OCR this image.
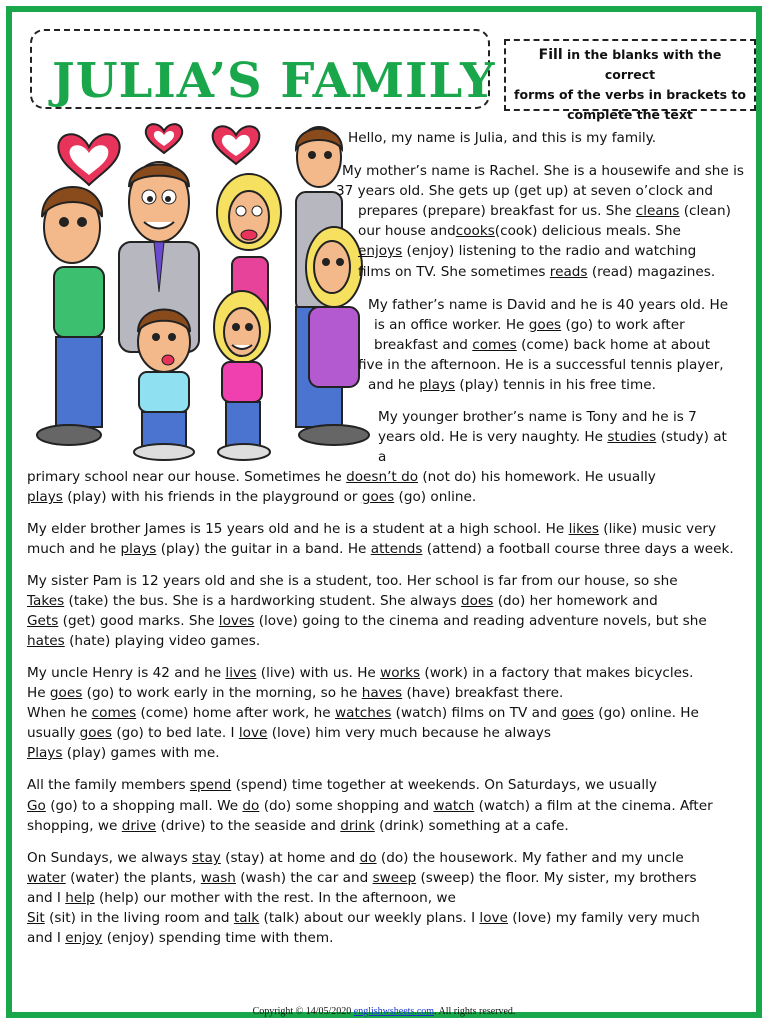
JULIA’S FAMILY	Fill in the blanks with the correct
forms of the verbs in brackets to
complete the text
Hello, my name is Julia, and this is my family.
My mother’s name is Rachel. She is a housewife and she is
37 years old. She gets up (get up) at seven o’clock and
prepares (prepare) breakfast for us. She cleans (clean)
our house andcooks(cook) delicious meals. She
enjoys (enjoy) listening to the radio and watching
films on TV. She sometimes reads (read) magazines.
My father’s name is David and he is 40 years old. He
is an office worker. He goes (go) to work after
breakfast and comes (come) back home at about
five in the afternoon. He is a successful tennis player,
and he plays (play) tennis in his free time.
My younger brother’s name is Tony and he is 7
years old. He is very naughty. He studies (study) at
a
primary school near our house. Sometimes he doesn’t do (not do) his homework. He usually
plays (play) with his friends in the playground or goes (go) online.
My elder brother James is 15 years old and he is a student at a high school. He likes (like) music very
much and he plays (play) the guitar in a band. He attends (attend) a football course three days a week.
My sister Pam is 12 years old and she is a student, too. Her school is far from our house, so she
Takes (take) the bus. She is a hardworking student. She always does (do) her homework and
Gets (get) good marks. She loves (love) going to the cinema and reading adventure novels, but she
hates (hate) playing video games.
My uncle Henry is 42 and he lives (live) with us. He works (work) in a factory that makes bicycles.
He goes (go) to work early in the morning, so he haves (have) breakfast there.
When he comes (come) home after work, he watches (watch) films on TV and goes (go) online. He
usually goes (go) to bed late. I love (love) him very much because he always
Plays (play) games with me.
All the family members spend (spend) time together at weekends. On Saturdays, we usually
Go (go) to a shopping mall. We do (do) some shopping and watch (watch) a film at the cinema. After
shopping, we drive (drive) to the seaside and drink (drink) something at a cafe.
On Sundays, we always stay (stay) at home and do (do) the housework. My father and my uncle
water (water) the plants, wash (wash) the car and sweep (sweep) the floor. My sister, my brothers
and I help (help) our mother with the rest. In the afternoon, we
Sit (sit) in the living room and talk (talk) about our weekly plans. I love (love) my family very much
and I enjoy (enjoy) spending time with them.
Copyright © 14/05/2020 englishwsheets.com. All rights reserved.
